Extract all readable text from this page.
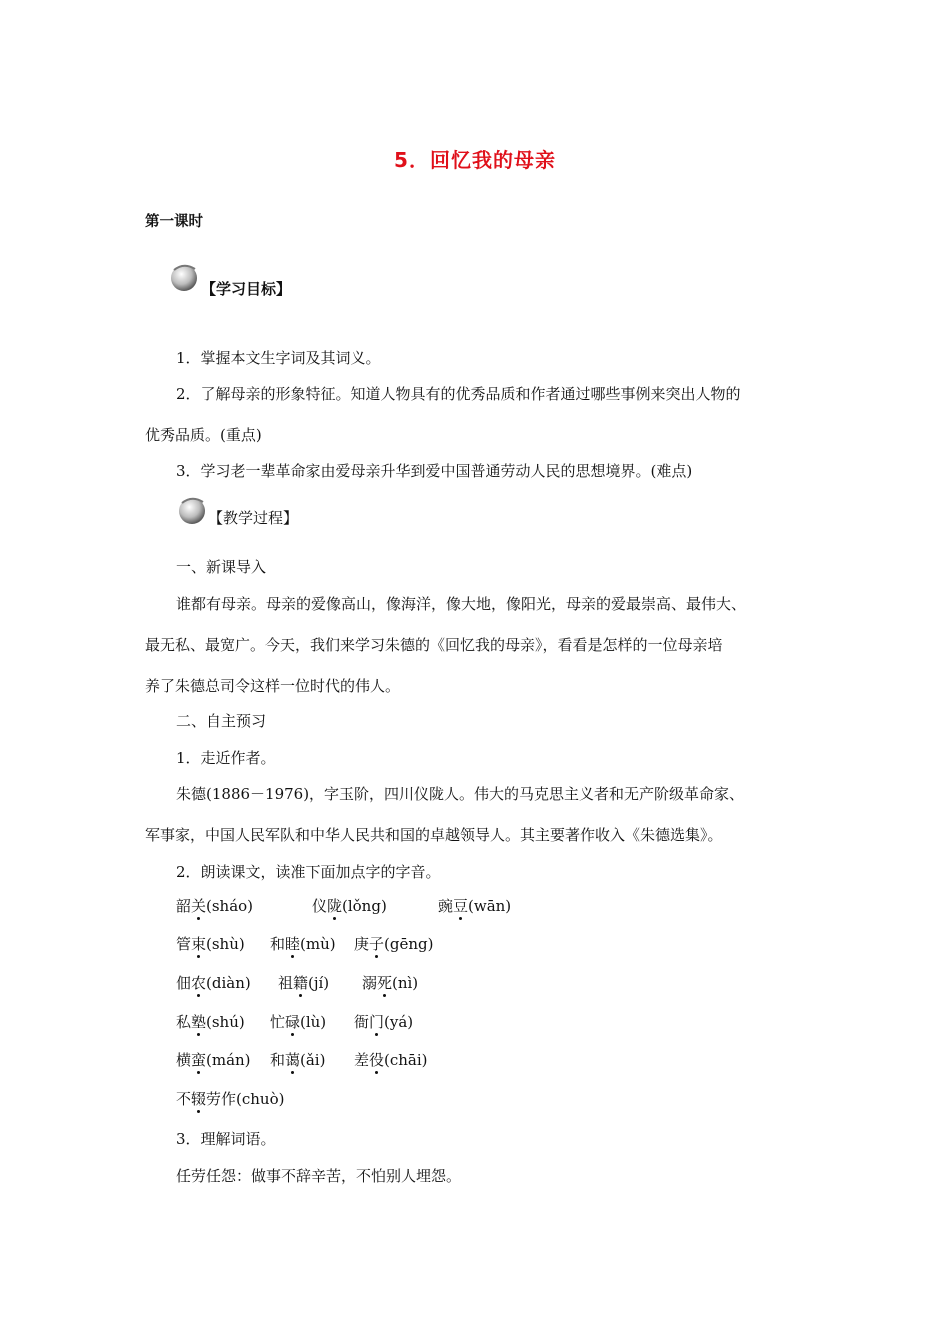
5．回忆我的母亲
第一课时
【学习目标】
1．掌握本文生字词及其词义。
2．了解母亲的形象特征。知道人物具有的优秀品质和作者通过哪些事例来突出人物的
优秀品质。(重点)
3．学习老一辈革命家由爱母亲升华到爱中国普通劳动人民的思想境界。(难点)
【教学过程】
一、新课导入
谁都有母亲。母亲的爱像高山，像海洋，像大地，像阳光，母亲的爱最崇高、最伟大、
最无私、最宽广。今天，我们来学习朱德的《回忆我的母亲》，看看是怎样的一位母亲培
养了朱德总司令这样一位时代的伟人。
二、自主预习
1．走近作者。
朱德(1886－1976)，字玉阶，四川仪陇人。伟大的马克思主义者和无产阶级革命家、
军事家，中国人民军队和中华人民共和国的卓越领导人。其主要著作收入《朱德选集》。
2．朗读课文，读准下面加点字的字音。
韶关(sháo)	仪陇(lǒng)	豌豆(wān)
管束(shù) 和睦(mù) 庚子(gēng)
佃农(diàn) 祖籍(jí) 溺死(nì)
私塾(shú) 忙碌(lù) 衙门(yá)
横蛮(mán) 和蔼(ǎi) 差役(chāi)
不辍劳作(chuò)
3．理解词语。
任劳任怨：做事不辞辛苦，不怕别人埋怨。
